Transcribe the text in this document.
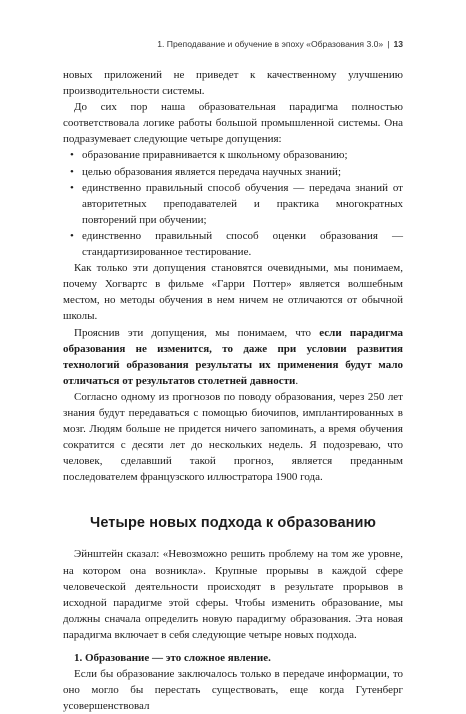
1. Преподавание и обучение в эпоху «Образования 3.0» | 13

новых приложений не приведет к качественному улучшению производительности системы.

До сих пор наша образовательная парадигма полностью соответствовала логике работы большой промышленной системы. Она подразумевает следующие четыре допущения:

• образование приравнивается к школьному образованию;
• целью образования является передача научных знаний;
• единственно правильный способ обучения — передача знаний от авторитетных преподавателей и практика многократных повторений при обучении;
• единственно правильный способ оценки образования — стандартизированное тестирование.

Как только эти допущения становятся очевидными, мы понимаем, почему Хогвартс в фильме «Гарри Поттер» является волшебным местом, но методы обучения в нем ничем не отличаются от обычной школы.

Прояснив эти допущения, мы понимаем, что если парадигма образования не изменится, то даже при условии развития технологий образования результаты их применения будут мало отличаться от результатов столетней давности.

Согласно одному из прогнозов по поводу образования, через 250 лет знания будут передаваться с помощью биочипов, имплантированных в мозг. Людям больше не придется ничего запоминать, а время обучения сократится с десяти лет до нескольких недель. Я подозреваю, что человек, сделавший такой прогноз, является преданным последователем французского иллюстратора 1900 года.

Четыре новых подхода к образованию

Эйнштейн сказал: «Невозможно решить проблему на том же уровне, на котором она возникла». Крупные прорывы в каждой сфере человеческой деятельности происходят в результате прорывов в исходной парадигме этой сферы. Чтобы изменить образование, мы должны сначала определить новую парадигму образования. Эта новая парадигма включает в себя следующие четыре новых подхода.

1. Образование — это сложное явление.

Если бы образование заключалось только в передаче информации, то оно могло бы перестать существовать, еще когда Гутенберг усовершенствовал
